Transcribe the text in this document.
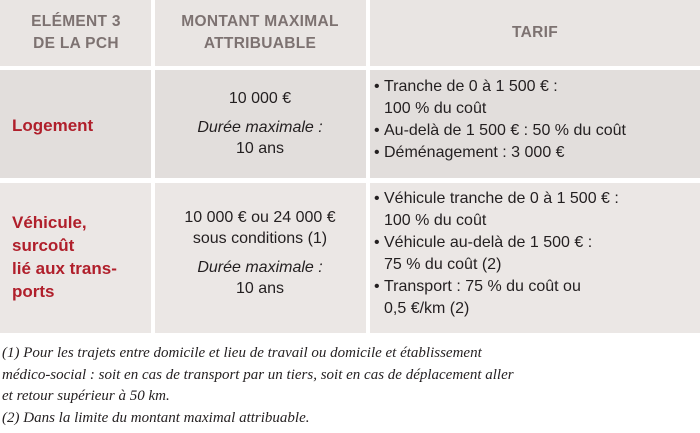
ELÉMENT 3
DE LA PCH
MONTANT MAXIMAL
ATTRIBUABLE
TARIF
Logement
10 000 €
Durée maximale :
10 ans
• Tranche de 0 à 1 500 € :
100 % du coût
• Au-delà de 1 500 € : 50 % du coût
• Déménagement : 3 000 €
Véhicule,
surcoût
lié aux trans-
ports
10 000 € ou 24 000 €
sous conditions (1)
Durée maximale :
10 ans
• Véhicule tranche de 0 à 1 500 € :
100 % du coût
• Véhicule au-delà de 1 500 € :
75 % du coût (2)
• Transport : 75 % du coût ou
0,5 €/km (2)
(1) Pour les trajets entre domicile et lieu de travail ou domicile et établissement
médico-social : soit en cas de transport par un tiers, soit en cas de déplacement aller
et retour supérieur à 50 km.
(2) Dans la limite du montant maximal attribuable.
